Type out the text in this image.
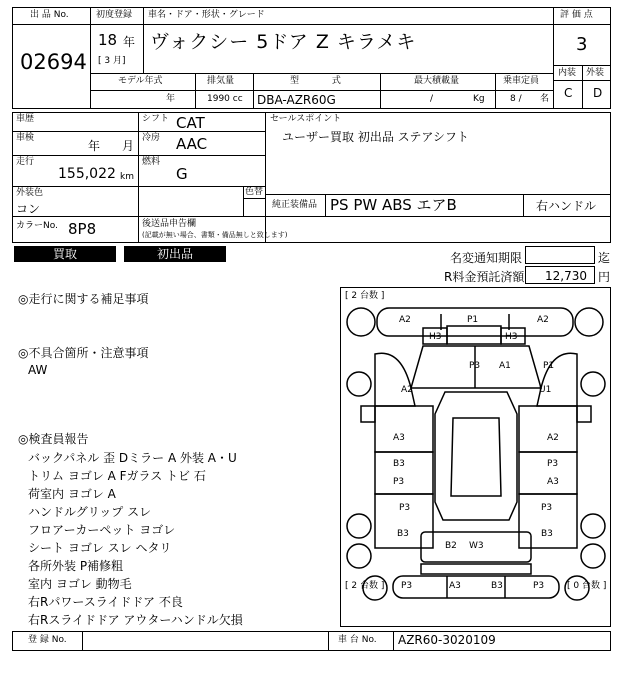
出 品 No.
02694
初度登録 車名・ドア・形状・グレード
18 年
[ 3 月]
ヴォクシー 5ドア Z キラメキ
評 価 点
3
内装 外装
C D
モデル年式	排気量	型 式	最大積載量	乗車定員
年	1990 cc DBA-AZR60G	/	Kg	8 / 名
車歴
車検
年 月
走行
155,022 km
シフト CAT
冷房 AAC
燃料
G
セールスポイント
ユーザー買取 初出品 ステアシフト
外装色	色替
コン	純正装備品 PS PW ABS エアB	右ハンドル
カラーNo. 8P8	後送品申告欄
(記載が無い場合、書類・備品無しと致します)
買取	初出品	名変通知期限	迄
R料金預託済額 12,730 円
◎走行に関する補足事項
◎不具合箇所・注意事項
AW
◎検査員報告
バックパネル 歪 Dミラー A 外装 A・U
トリム ヨゴレ A Fガラス トビ 石
荷室内 ヨゴレ A
ハンドルグリップ スレ
フロアーカーペット ヨゴレ
シート ヨゴレ スレ ヘタリ
各所外装 P補修粗
室内 ヨゴレ 動物毛
右Rパワースライドドア 不良
右Rスライドドア アウターハンドル欠損
[ 2 台数 ]
[ 2 台数 ]	[ 0 台数 ]
A2	P1	A2
H3	H3
P3 A1	P1
U1
A2
A3	A2
B3
P3
P3
A3
P3
B3
P3
B3
B2 W3
P3	A3	B3	P3
登 録 No.	車 台 No. AZR60-3020109
